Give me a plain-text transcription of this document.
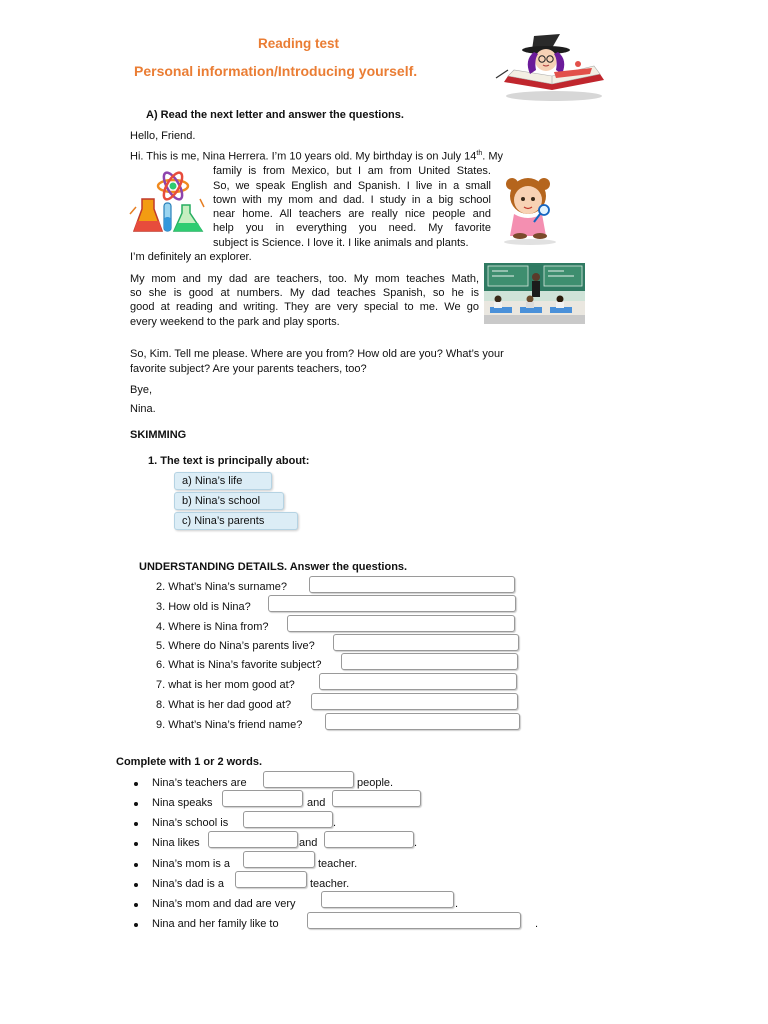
Reading test
Personal information/Introducing yourself.
A) Read the next letter and answer the questions.
Hello, Friend.
Hi. This is me, Nina Herrera. I’m 10 years old. My birthday is on July 14th. My
family is from Mexico, but I am from United States.
So, we speak English and Spanish. I live in a small
town with my mom and dad. I study in a big school
near home. All teachers are really nice people and
help you in everything you need. My favorite
subject is Science. I love it. I like animals and plants.
I’m definitely an explorer.
My mom and my dad are teachers, too. My mom teaches Math,
so she is good at numbers. My dad teaches Spanish, so he is
good at reading and writing. They are very special to me. We go
every weekend to the park and play sports.
So, Kim. Tell me please. Where are you from? How old are you? What’s your
favorite subject? Are your parents teachers, too?
Bye,
Nina.
SKIMMING
1. The text is principally about:
a) Nina’s life
b) Nina’s school
c) Nina’s parents
UNDERSTANDING DETAILS. Answer the questions.
2. What’s Nina’s surname?
3. How old is Nina?
4. Where is Nina from?
5. Where do Nina’s parents live?
6. What is Nina’s favorite subject?
7. what is her mom good at?
8. What is her dad good at?
9. What’s Nina’s friend name?
Complete with 1 or 2 words.
Nina’s teachers are	people.
Nina speaks	and
Nina’s school is	.
Nina likes	and	.
Nina’s mom is a	teacher.
Nina’s dad is a	teacher.
Nina’s mom and dad are very	.
Nina and her family like to	.
